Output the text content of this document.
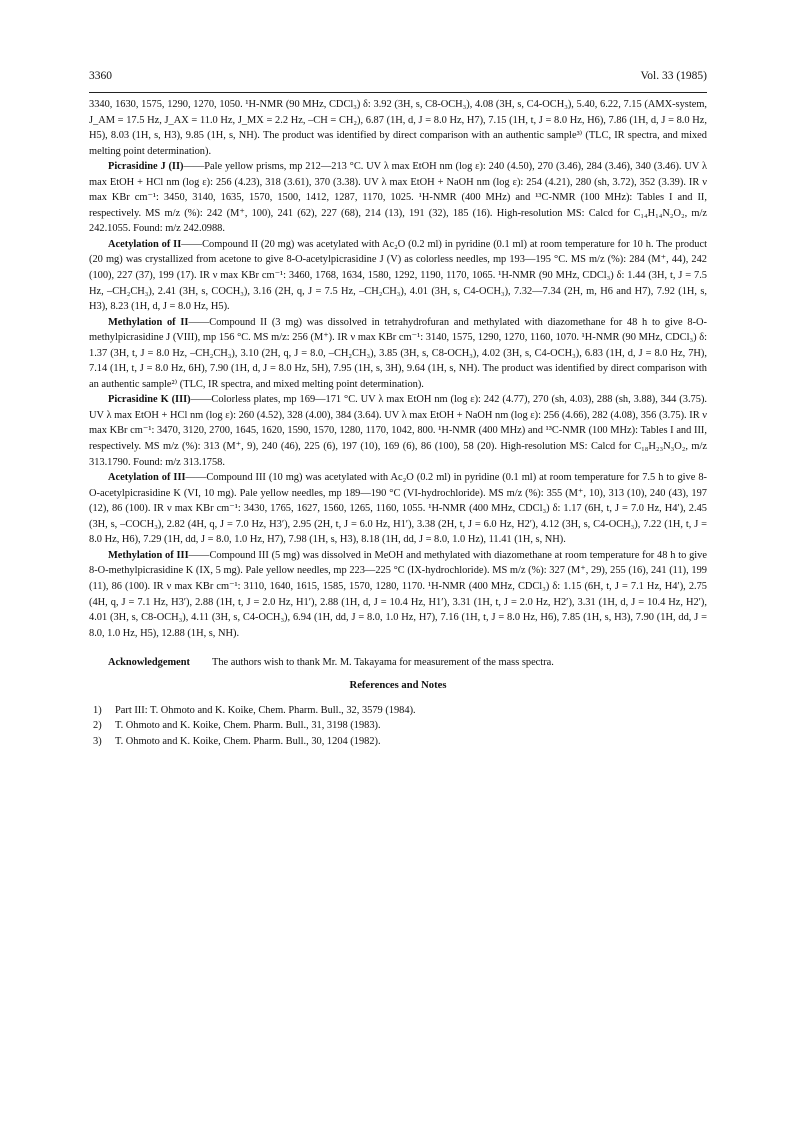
3360	Vol. 33 (1985)

3340, 1630, 1575, 1290, 1270, 1050. ¹H-NMR (90 MHz, CDCl₃) δ: 3.92 (3H, s, C8-OCH₃), 4.08 (3H, s, C4-OCH₃), 5.40, 6.22, 7.15 (AMX-system, J_AM = 17.5 Hz, J_AX = 11.0 Hz, J_MX = 2.2 Hz, –CH = CH₂), 6.87 (1H, d, J = 8.0 Hz, H7), 7.15 (1H, t, J = 8.0 Hz, H6), 7.86 (1H, d, J = 8.0 Hz, H5), 8.03 (1H, s, H3), 9.85 (1H, s, NH). The product was identified by direct comparison with an authentic sample³⁾ (TLC, IR spectra, and mixed melting point determination).

Picrasidine J (II)——Pale yellow prisms, mp 212—213 °C. UV λ max EtOH nm (log ε): 240 (4.50), 270 (3.46), 284 (3.46), 340 (3.46). UV λ max EtOH + HCl nm (log ε): 256 (4.23), 318 (3.61), 370 (3.38). UV λ max EtOH + NaOH nm (log ε): 254 (4.21), 280 (sh, 3.72), 352 (3.39). IR ν max KBr cm⁻¹: 3450, 3140, 1635, 1570, 1500, 1412, 1287, 1170, 1025. ¹H-NMR (400 MHz) and ¹³C-NMR (100 MHz): Tables I and II, respectively. MS m/z (%): 242 (M⁺, 100), 241 (62), 227 (68), 214 (13), 191 (32), 185 (16). High-resolution MS: Calcd for C₁₄H₁₄N₂O₂, m/z 242.1055. Found: m/z 242.0988.

Acetylation of II——Compound II (20 mg) was acetylated with Ac₂O (0.2 ml) in pyridine (0.1 ml) at room temperature for 10 h. The product (20 mg) was crystallized from acetone to give 8-O-acetylpicrasidine J (V) as colorless needles, mp 193—195 °C. MS m/z (%): 284 (M⁺, 44), 242 (100), 227 (37), 199 (17). IR ν max KBr cm⁻¹: 3460, 1768, 1634, 1580, 1292, 1190, 1170, 1065. ¹H-NMR (90 MHz, CDCl₃) δ: 1.44 (3H, t, J = 7.5 Hz, –CH₂CH₃), 2.41 (3H, s, COCH₃), 3.16 (2H, q, J = 7.5 Hz, –CH₂CH₃), 4.01 (3H, s, C4-OCH₃), 7.32—7.34 (2H, m, H6 and H7), 7.92 (1H, s, H3), 8.23 (1H, d, J = 8.0 Hz, H5).

Methylation of II——Compound II (3 mg) was dissolved in tetrahydrofuran and methylated with diazomethane for 48 h to give 8-O-methylpicrasidine J (VIII), mp 156 °C. MS m/z: 256 (M⁺). IR ν max KBr cm⁻¹: 3140, 1575, 1290, 1270, 1160, 1070. ¹H-NMR (90 MHz, CDCl₃) δ: 1.37 (3H, t, J = 8.0 Hz, –CH₂CH₃), 3.10 (2H, q, J = 8.0, –CH₂CH₃), 3.85 (3H, s, C8-OCH₃), 4.02 (3H, s, C4-OCH₃), 6.83 (1H, d, J = 8.0 Hz, 7H), 7.14 (1H, t, J = 8.0 Hz, 6H), 7.90 (1H, d, J = 8.0 Hz, 5H), 7.95 (1H, s, 3H), 9.64 (1H, s, NH). The product was identified by direct comparison with an authentic sample²⁾ (TLC, IR spectra, and mixed melting point determination).

Picrasidine K (III)——Colorless plates, mp 169—171 °C. UV λ max EtOH nm (log ε): 242 (4.77), 270 (sh, 4.03), 288 (sh, 3.88), 344 (3.75). UV λ max EtOH + HCl nm (log ε): 260 (4.52), 328 (4.00), 384 (3.64). UV λ max EtOH + NaOH nm (log ε): 256 (4.66), 282 (4.08), 356 (3.75). IR ν max KBr cm⁻¹: 3470, 3120, 2700, 1645, 1620, 1590, 1570, 1280, 1170, 1042, 800. ¹H-NMR (400 MHz) and ¹³C-NMR (100 MHz): Tables I and III, respectively. MS m/z (%): 313 (M⁺, 9), 240 (46), 225 (6), 197 (10), 169 (6), 86 (100), 58 (20). High-resolution MS: Calcd for C₁₈H₂₃N₃O₂, m/z 313.1790. Found: m/z 313.1758.

Acetylation of III——Compound III (10 mg) was acetylated with Ac₂O (0.2 ml) in pyridine (0.1 ml) at room temperature for 7.5 h to give 8-O-acetylpicrasidine K (VI, 10 mg). Pale yellow needles, mp 189—190 °C (VI-hydrochloride). MS m/z (%): 355 (M⁺, 10), 313 (10), 240 (43), 197 (12), 86 (100). IR ν max KBr cm⁻¹: 3430, 1765, 1627, 1560, 1265, 1160, 1055. ¹H-NMR (400 MHz, CDCl₃) δ: 1.17 (6H, t, J = 7.0 Hz, H4′), 2.45 (3H, s, –COCH₃), 2.82 (4H, q, J = 7.0 Hz, H3′), 2.95 (2H, t, J = 6.0 Hz, H1′), 3.38 (2H, t, J = 6.0 Hz, H2′), 4.12 (3H, s, C4-OCH₃), 7.22 (1H, t, J = 8.0 Hz, H6), 7.29 (1H, dd, J = 8.0, 1.0 Hz, H7), 7.98 (1H, s, H3), 8.18 (1H, dd, J = 8.0, 1.0 Hz), 11.41 (1H, s, NH).

Methylation of III——Compound III (5 mg) was dissolved in MeOH and methylated with diazomethane at room temperature for 48 h to give 8-O-methylpicrasidine K (IX, 5 mg). Pale yellow needles, mp 223—225 °C (IX-hydrochloride). MS m/z (%): 327 (M⁺, 29), 255 (16), 241 (11), 199 (11), 86 (100). IR ν max KBr cm⁻¹: 3110, 1640, 1615, 1585, 1570, 1280, 1170. ¹H-NMR (400 MHz, CDCl₃) δ: 1.15 (6H, t, J = 7.1 Hz, H4′), 2.75 (4H, q, J = 7.1 Hz, H3′), 2.88 (1H, t, J = 2.0 Hz, H1′), 2.88 (1H, d, J = 10.4 Hz, H1′), 3.31 (1H, t, J = 2.0 Hz, H2′), 3.31 (1H, d, J = 10.4 Hz, H2′), 4.01 (3H, s, C8-OCH₃), 4.11 (3H, s, C4-OCH₃), 6.94 (1H, dd, J = 8.0, 1.0 Hz, H7), 7.16 (1H, t, J = 8.0 Hz, H6), 7.85 (1H, s, H3), 7.90 (1H, dd, J = 8.0, 1.0 Hz, H5), 12.88 (1H, s, NH).

Acknowledgement The authors wish to thank Mr. M. Takayama for measurement of the mass spectra.
References and Notes
1)	Part III: T. Ohmoto and K. Koike, Chem. Pharm. Bull., 32, 3579 (1984).
2)	T. Ohmoto and K. Koike, Chem. Pharm. Bull., 31, 3198 (1983).
3)	T. Ohmoto and K. Koike, Chem. Pharm. Bull., 30, 1204 (1982).
